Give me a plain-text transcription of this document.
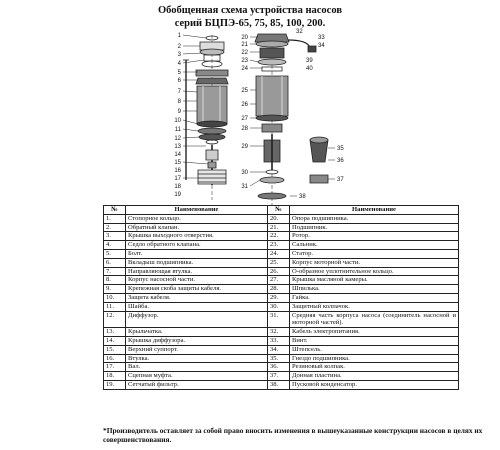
Обобщенная схема устройства насосов
серий БЦПЭ-65, 75, 85, 100, 200.
1
2
3
4
5
6
7
8
9
10
11
12
13
14
15
16
17
18
19
20
21
22
23
24
25
26
27
28
29
30
31
32
33
34
35
36
37
38
39
40
№	Наименование	№	Наименование
1.	Стопорное кольцо.	20.	Опора подшипника.
2.	Обратный клапан.	21.	Подшипник.
3.	Крышка выходного отверстия.	22.	Ротор.
4.	Седло обратного клапана.	23.	Сальник.
5.	Болт.	24.	Статор.
6.	Вкладыш подшипника.	25.	Корпус моторной части.
7.	Направляющая втулка.	26.	О-образное уплотнительное кольцо.
8.	Корпус насосной части.	27.	Крышка масляной камеры.
9.	Крепежная скоба защиты кабеля.	28.	Шпилька.
10.	Защита кабеля.	29.	Гайка.
11.	Шайба.	30.	Защитный колпачок.
12.	Диффузор.	31.	Средняя часть корпуса насоса (соединитель насосной и моторной частей).
13.	Крыльчатка.	32.	Кабель электропитания.
14.	Крышка диффузора.	33.	Винт.
15.	Верхний суппорт.	34.	Штепсель.
16.	Втулка.	35.	Гнездо подшипника.
17.	Вал.	36.	Резиновый колпак.
18.	Сцепная муфта.	37.	Донная пластина.
19.	Сетчатый фильтр.	38.	Пусковой конденсатор.
*Производитель оставляет за собой право вносить изменения в вышеуказанные конструкции насосов в целях их совершенствования.
